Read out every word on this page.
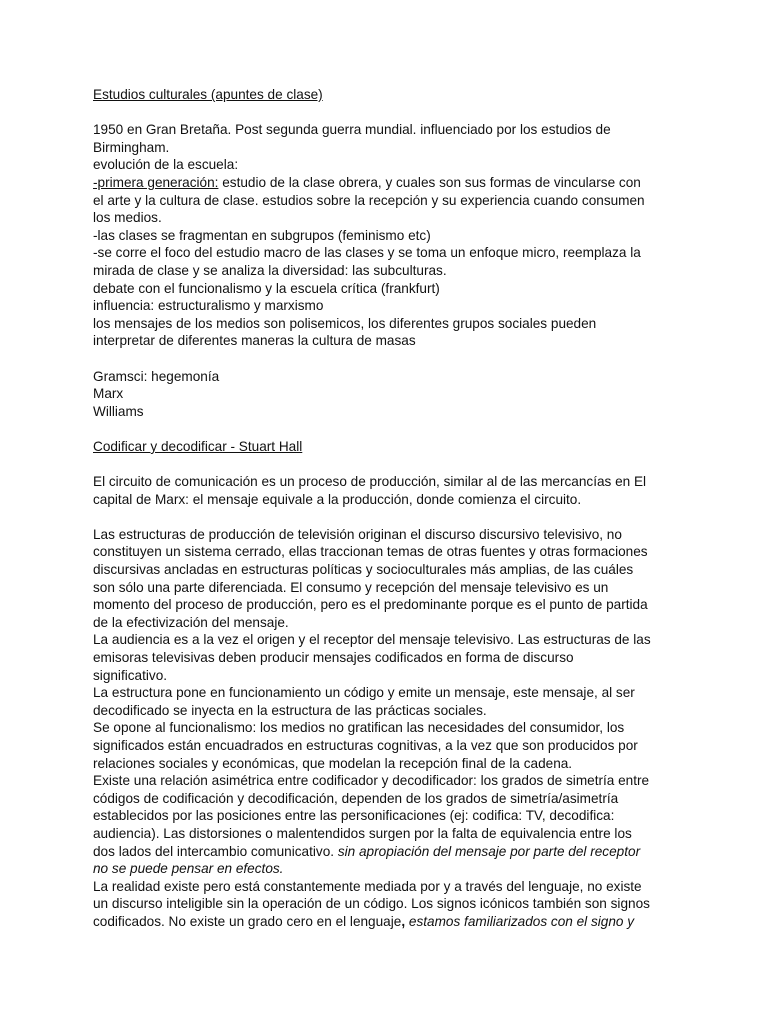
Estudios culturales (apuntes de clase)
1950 en Gran Bretaña. Post segunda guerra mundial. influenciado por los estudios de
Birmingham.
evolución de la escuela:
-primera generación: estudio de la clase obrera, y cuales son sus formas de vincularse con
el arte y la cultura de clase. estudios sobre la recepción y su experiencia cuando consumen
los medios.
-las clases se fragmentan en subgrupos (feminismo etc)
-se corre el foco del estudio macro de las clases y se toma un enfoque micro, reemplaza la
mirada de clase y se analiza la diversidad: las subculturas.
debate con el funcionalismo y la escuela crítica (frankfurt)
influencia: estructuralismo y marxismo
los mensajes de los medios son polisemicos, los diferentes grupos sociales pueden
interpretar de diferentes maneras la cultura de masas
Gramsci: hegemonía
Marx
Williams
Codificar y decodificar - Stuart Hall
El circuito de comunicación es un proceso de producción, similar al de las mercancías en El
capital de Marx: el mensaje equivale a la producción, donde comienza el circuito.
Las estructuras de producción de televisión originan el discurso discursivo televisivo, no
constituyen un sistema cerrado, ellas traccionan temas de otras fuentes y otras formaciones
discursivas ancladas en estructuras políticas y socioculturales más amplias, de las cuáles
son sólo una parte diferenciada. El consumo y recepción del mensaje televisivo es un
momento del proceso de producción, pero es el predominante porque es el punto de partida
de la efectivización del mensaje.
La audiencia es a la vez el origen y el receptor del mensaje televisivo. Las estructuras de las
emisoras televisivas deben producir mensajes codificados en forma de discurso
significativo.
La estructura pone en funcionamiento un código y emite un mensaje, este mensaje, al ser
decodificado se inyecta en la estructura de las prácticas sociales.
Se opone al funcionalismo: los medios no gratifican las necesidades del consumidor, los
significados están encuadrados en estructuras cognitivas, a la vez que son producidos por
relaciones sociales y económicas, que modelan la recepción final de la cadena.
Existe una relación asimétrica entre codificador y decodificador: los grados de simetría entre
códigos de codificación y decodificación, dependen de los grados de simetría/asimetría
establecidos por las posiciones entre las personificaciones (ej: codifica: TV, decodifica:
audiencia). Las distorsiones o malentendidos surgen por la falta de equivalencia entre los
dos lados del intercambio comunicativo. sin apropiación del mensaje por parte del receptor
no se puede pensar en efectos.
La realidad existe pero está constantemente mediada por y a través del lenguaje, no existe
un discurso inteligible sin la operación de un código. Los signos icónicos también son signos
codificados. No existe un grado cero en el lenguaje, estamos familiarizados con el signo y
